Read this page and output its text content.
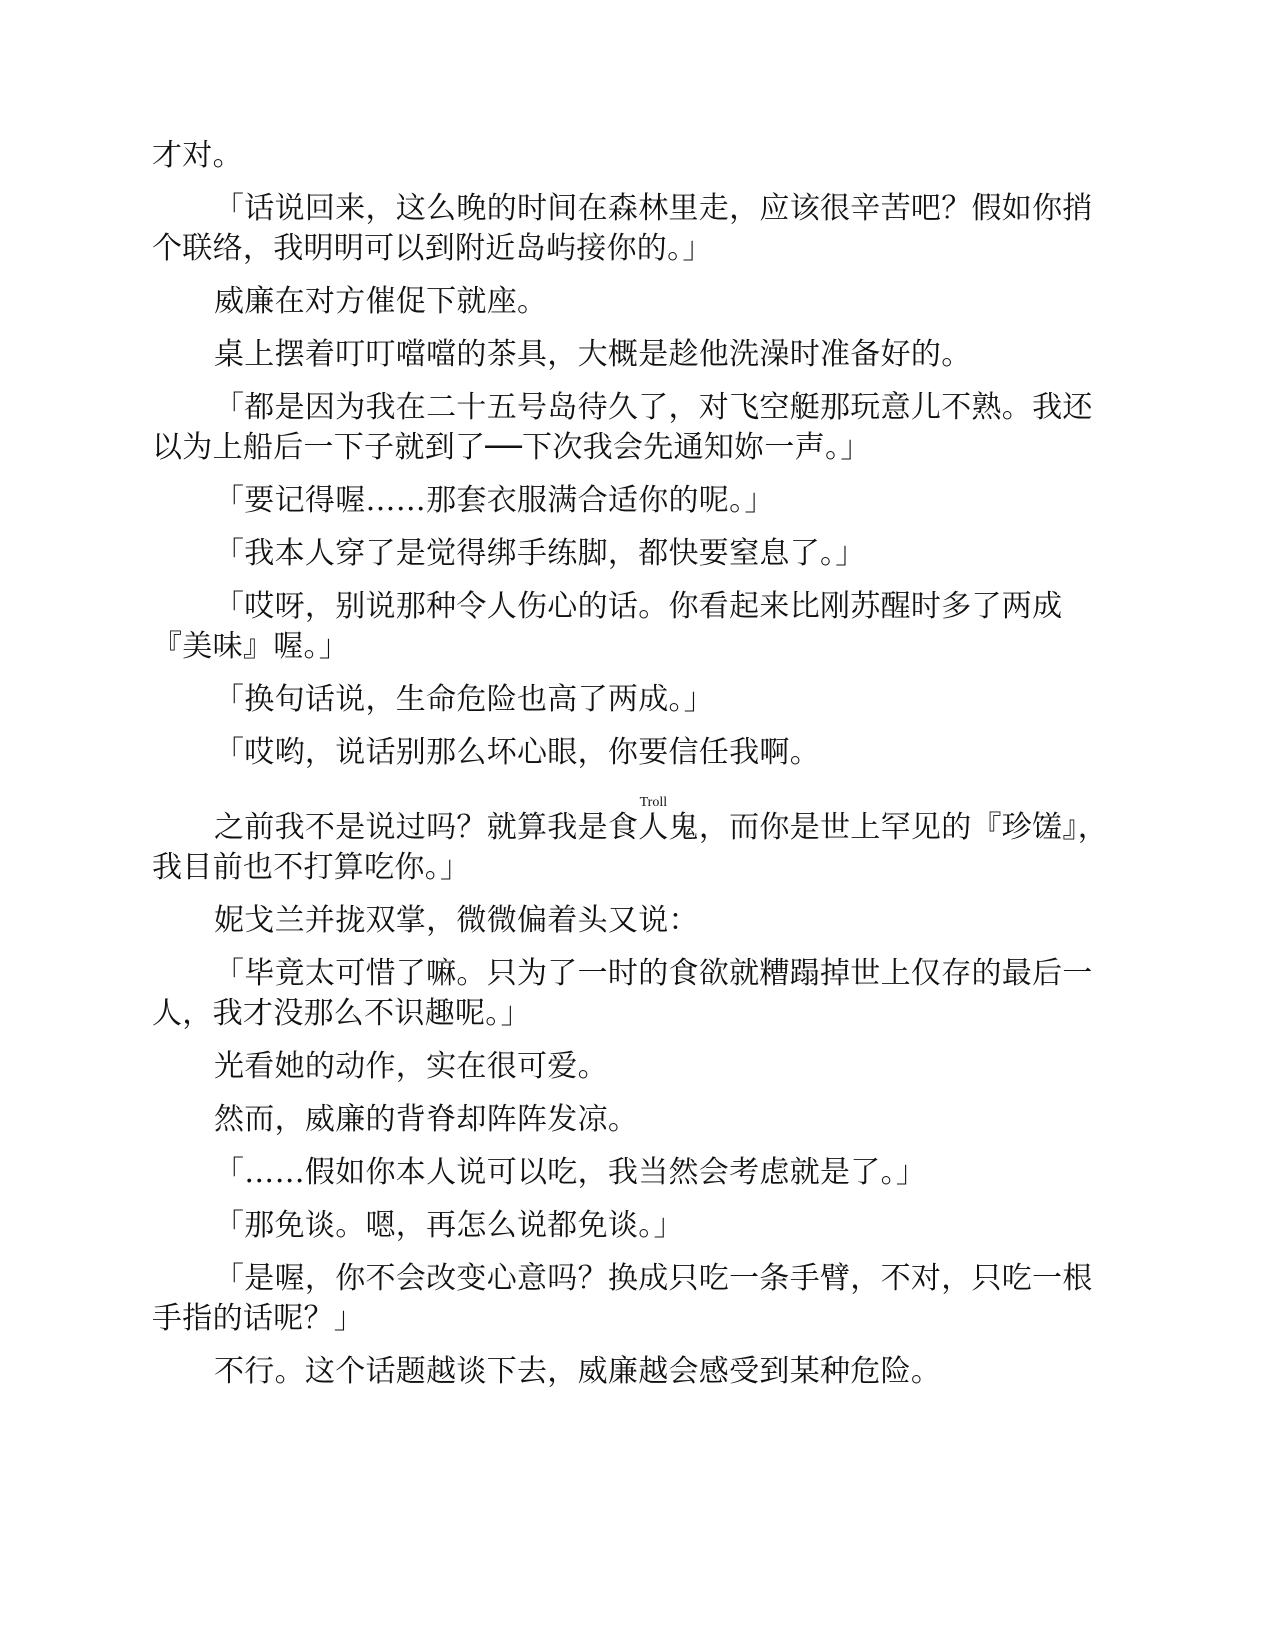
才对。

「话说回来，这么晚的时间在森林里走，应该很辛苦吧？假如你捎个联络，我明明可以到附近岛屿接你的。」

威廉在对方催促下就座。

桌上摆着叮叮噹噹的茶具，大概是趁他洗澡时准备好的。

「都是因为我在二十五号岛待久了，对飞空艇那玩意儿不熟。我还以为上船后一下子就到了──下次我会先通知妳一声。」

「要记得喔……那套衣服满合适你的呢。」

「我本人穿了是觉得绑手练脚，都快要窒息了。」

「哎呀，别说那种令人伤心的话。你看起来比刚苏醒时多了两成『美味』喔。」

「换句话说，生命危险也高了两成。」

「哎哟，说话别那么坏心眼，你要信任我啊。

之前我不是说过吗？就算我是食人鬼Troll，而你是世上罕见的『珍馐』，我目前也不打算吃你。」

妮戈兰并拢双掌，微微偏着头又说：

「毕竟太可惜了嘛。只为了一时的食欲就糟蹋掉世上仅存的最后一人，我才没那么不识趣呢。」

光看她的动作，实在很可爱。

然而，威廉的背脊却阵阵发凉。

「……假如你本人说可以吃，我当然会考虑就是了。」

「那免谈。嗯，再怎么说都免谈。」

「是喔，你不会改变心意吗？换成只吃一条手臂，不对，只吃一根手指的话呢？」

不行。这个话题越谈下去，威廉越会感受到某种危险。
